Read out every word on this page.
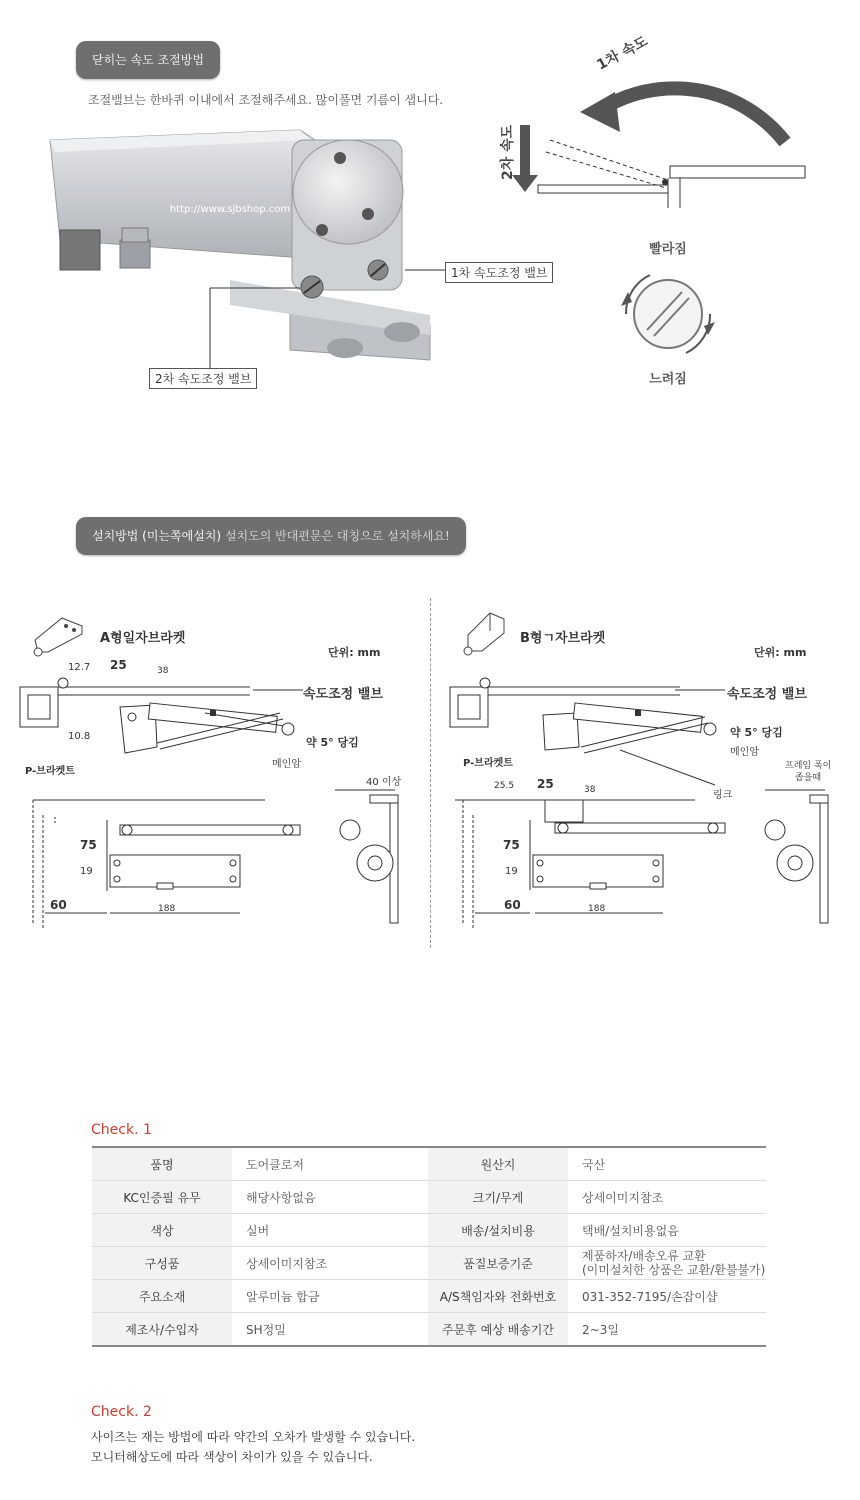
닫히는 속도 조절방법
조절밸브는 한바퀴 이내에서 조절해주세요. 많이풀면 기름이 샙니다.
http://www.sjbshop.com
1차 속도조정 밸브
2차 속도조정 밸브
1차 속도
2차 속도
빨라짐
느려짐
설치방법 (미는쪽에설치) 설치도의 반대편문은 대칭으로 설치하세요!
A형일자브라켓
단위: mm
12.7 25	38
10.8
속도조정 밸브
약 5° 당김
메인암
P-브라켓트
40 이상
75
19
60	188
B형ㄱ자브라켓
단위: mm
25.5 25	38
속도조정 밸브
약 5° 당김
메인암
P-브라켓트
링크
프레임 폭이
좁을때
75
19
60	188
Check. 1
품명	도어클로저	원산지	국산
KC인증필 유무	해당사항없음	크기/무게	상세이미지참조
색상	실버	배송/설치비용	택배/설치비용없음
구성품	상세이미지참조	품질보증기준	제품하자/배송오류 교환
(이미설치한 상품은 교환/환불불가)

주요소재	알루미늄 합금	A/S책임자와 전화번호	031-352-7195/손잡이샵
제조사/수입자	SH정밀	주문후 예상 배송기간	2~3일
Check. 2
사이즈는 재는 방법에 따라 약간의 오차가 발생할 수 있습니다.
모니터해상도에 따라 색상이 차이가 있을 수 있습니다.
